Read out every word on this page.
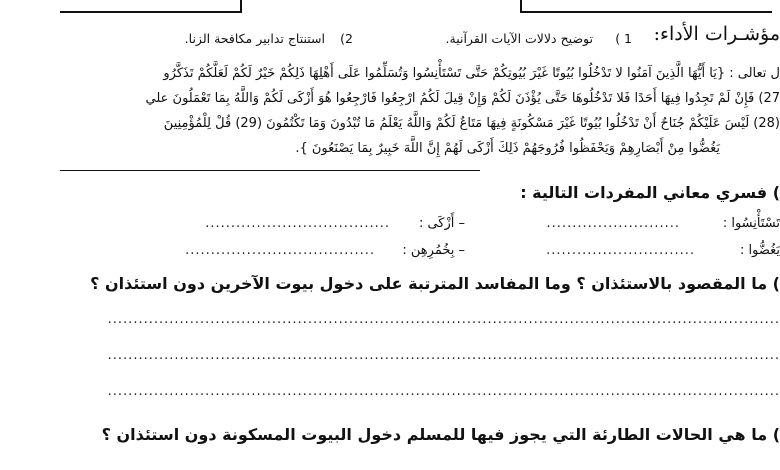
مؤشـرات الأداء:
1 )
توضيح دلالات الآيات القرآنية.
2)
استنتاج تدابير مكافحة الزنا.
ل تعالى : {يَا أَيُّهَا الَّذِينَ آمَنُوا لا تَدْخُلُوا بُيُوتًا غَيْرَ بُيُوتِكُمْ حَتَّى تَسْتَأْنِسُوا وَتُسَلِّمُوا عَلَى أَهْلِهَا ذَلِكُمْ خَيْرٌ لَكُمْ لَعَلَّكُمْ تَذَكَّرُو
27) فَإِنْ لَمْ تَجِدُوا فِيهَا أَحَدًا فَلا تَدْخُلُوهَا حَتَّى يُؤْذَنَ لَكُمْ وَإِنْ قِيلَ لَكُمُ ارْجِعُوا فَارْجِعُوا هُوَ أَزْكَى لَكُمْ وَاللَّهُ بِمَا تَعْمَلُونَ علي
(28) لَيْسَ عَلَيْكُمْ جُنَاحٌ أَنْ تَدْخُلُوا بُيُوتًا غَيْرَ مَسْكُونَةٍ فِيهَا مَتَاعٌ لَكُمْ وَاللَّهُ يَعْلَمُ مَا تُبْدُونَ وَمَا تَكْتُمُونَ (29) قُلْ لِلْمُؤْمِنِينَ
يَغُضُّوا مِنْ أَبْصَارِهِمْ وَيَحْفَظُوا فُرُوجَهُمْ ذَلِكَ أَزْكَى لَهُمْ إِنَّ اللَّهَ خَبِيرٌ بِمَا يَصْنَعُونَ }.
) فسري معاني المفردات التالية :
تَسْتَأْنِسُوا :
..........................
– أَزْكَى :
....................................
يَغُضُّوا :
.............................
– بِخُمُرِهِن :
.....................................
) ما المقصود بالاستئذان ؟ وما المفاسد المترتبة على دخول بيوت الآخرين دون استئذان ؟
...................................................................................................................................
...................................................................................................................................
...................................................................................................................................
) ما هي الحالات الطارئة التي يجوز فيها للمسلم دخول البيوت المسكونة دون استئذان ؟
